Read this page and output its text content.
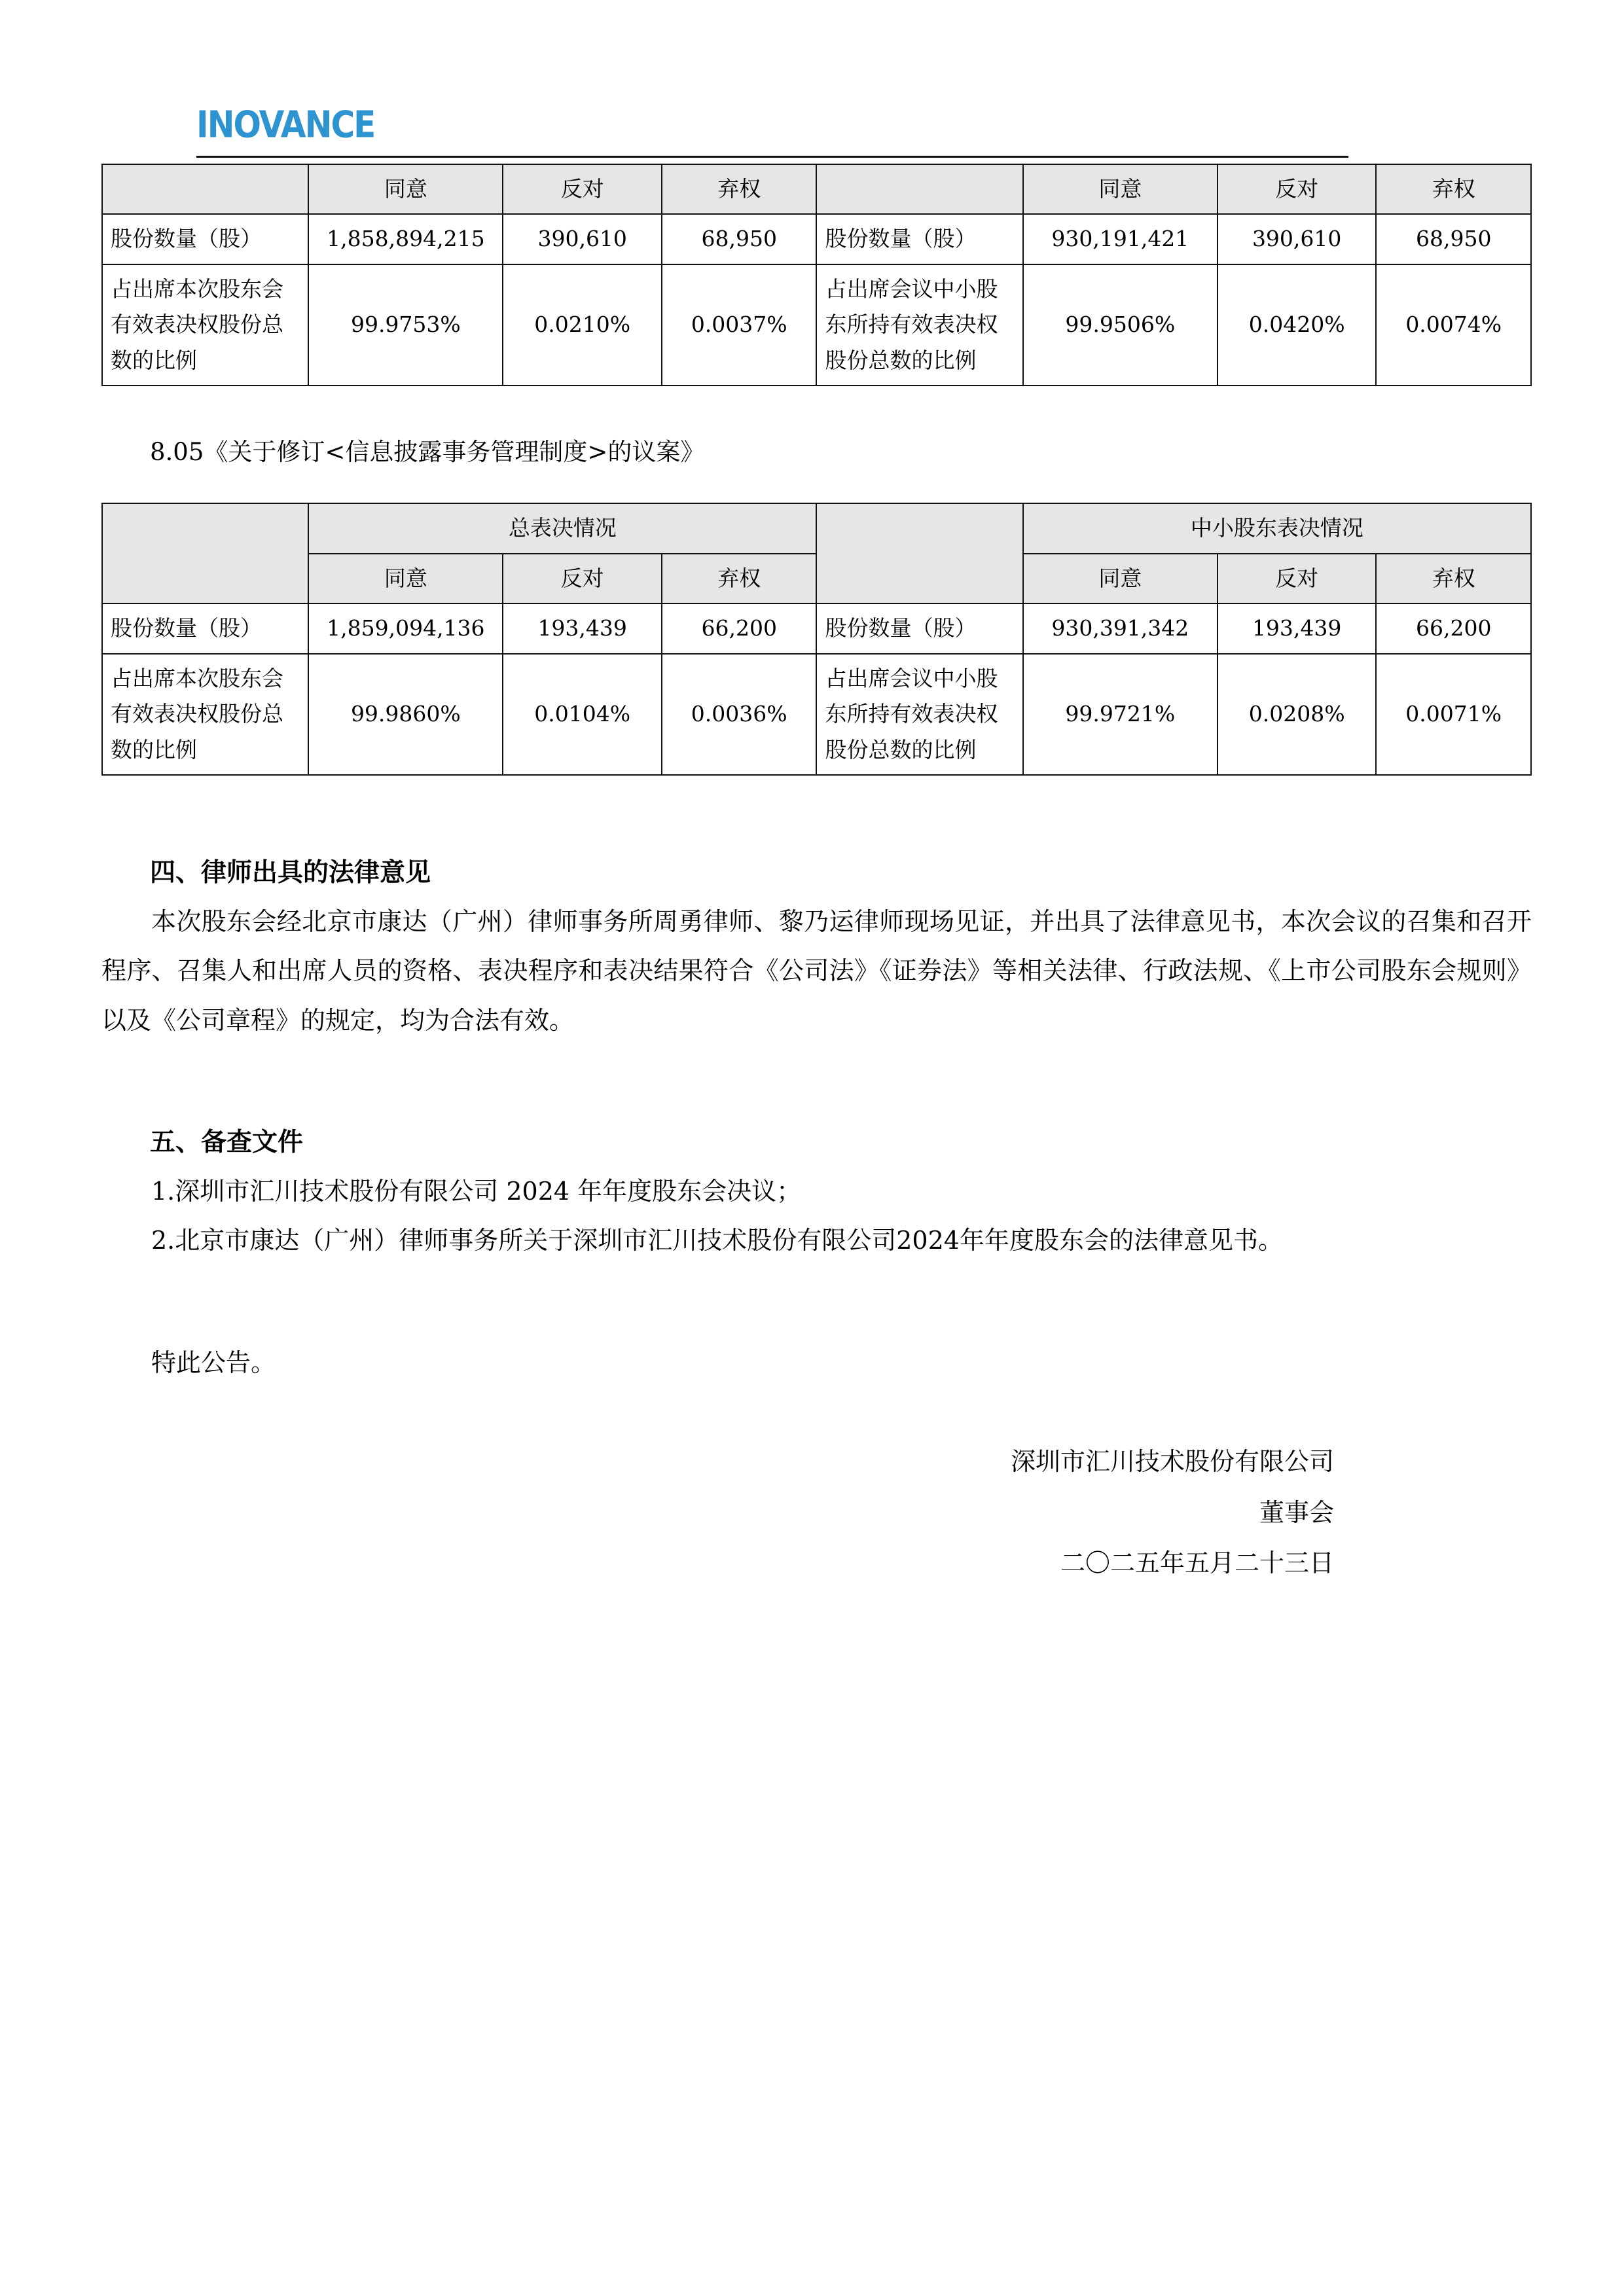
INOVANCE
	同意	反对	弃权		同意	反对	弃权
股份数量（股）	1,858,894,215	390,610	68,950	股份数量（股）	930,191,421	390,610	68,950
占出席本次股东会有效表决权股份总数的比例	99.9753%	0.0210%	0.0037%	占出席会议中小股东所持有效表决权股份总数的比例	99.9506%	0.0420%	0.0074%

8.05《关于修订<信息披露事务管理制度>的议案》

	总表决情况				中小股东表决情况		
	同意	反对	弃权		同意	反对	弃权
股份数量（股）	1,859,094,136	193,439	66,200	股份数量（股）	930,391,342	193,439	66,200
占出席本次股东会有效表决权股份总数的比例	99.9860%	0.0104%	0.0036%	占出席会议中小股东所持有效表决权股份总数的比例	99.9721%	0.0208%	0.0071%
四、律师出具的法律意见

本次股东会经北京市康达（广州）律师事务所周勇律师、黎乃运律师现场见证，并出具了法律意见书，本次会议的召集和召开程序、召集人和出席人员的资格、表决程序和表决结果符合《公司法》《证券法》等相关法律、行政法规、《上市公司股东会规则》以及《公司章程》的规定，均为合法有效。

五、备查文件

1.深圳市汇川技术股份有限公司 2024 年年度股东会决议；

2.北京市康达（广州）律师事务所关于深圳市汇川技术股份有限公司2024年年度股东会的法律意见书。

特此公告。

深圳市汇川技术股份有限公司
董事会
二〇二五年五月二十三日
